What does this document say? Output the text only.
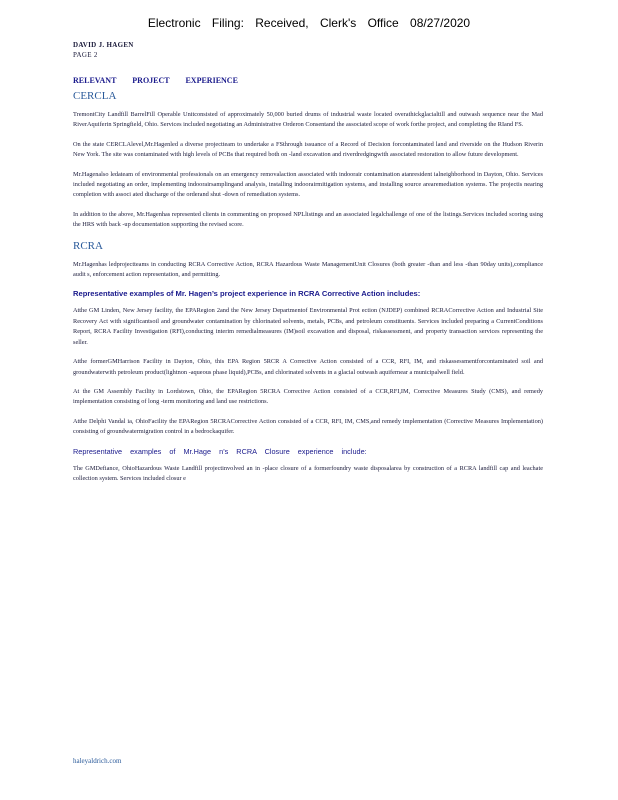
Electronic Filing: Received, Clerk's Office 08/27/2020
DAVID J. HAGEN
PAGE 2
RELEVANT PROJECT EXPERIENCE
CERCLA

TremontCity Landfill BarrelFill Operable Unitconsisted of approximately 50,000 buried drums of industrial waste located overathickglacialtill and outwash sequence near the Mad RiverAquiferin Springfield, Ohio. Services included negotiating an Administrative Orderon Consentand the associated scope of work forthe project, and completing the RIand FS.

On the state CERCLAlevel,Mr.Hagenled a diverse projectteam to undertake a FSthrough issuance of a Record of Decision forcontaminated land and riverside on the Hudson Riverin New York. The site was contaminated with high levels of PCBs that required both on -land excavation and riverdredgingwith associated restoration to allow future development.

Mr.Hagenalso ledateam of environmental professionals on an emergency removalaction associated with indoorair contamination atanresident ialneighborhood in Dayton, Ohio. Services included negotiating an order, implementing indoorairsamplingand analysis, installing indoorairmitigation systems, and installing source arearemediation systems. The projectis nearing completion with associ ated discharge of the orderand shut -down of remediation systems.

In addition to the above, Mr.Hagenhas represented clients in commenting on proposed NPLlistings and an associated legalchallenge of one of the listings.Services included scoring using the HRS with back -up documentation supporting the revised score.

RCRA

Mr.Hagenhas ledprojectteams in conducting RCRA Corrective Action, RCRA Hazardous Waste ManagementUnit Closures (both greater -than and less -than 90day units),compliance audit s, enforcement action representation, and permitting.

Representative examples of Mr. Hagen’s project experience in RCRA Corrective Action includes:

Atthe GM Linden, New Jersey facility, the EPARegion 2and the New Jersey Departmentof Environmental Prot ection (NJDEP) combined RCRACorrective Action and Industrial Site Recovery Act with significantsoil and groundwater contamination by chlorinated solvents, metals, PCBs, and petroleum constituents. Services included preparing a CurrentConditions Report, RCRA Facility Investigation (RFI),conducting interim remedialmeasures (IM)soil excavation and disposal, riskassessment, and property transaction services representing the seller.

Atthe formerGMHarrison Facility in Dayton, Ohio, this EPA Region 5RCR A Corrective Action consisted of a CCR, RFI, IM, and riskassessmentforcontaminated soil and groundwaterwith petroleum product(lightnon -aqueous phase liquid),PCBs, and chlorinated solvents in a glacial outwash aquifernear a municipalwell field.

At the GM Assembly Facility in Lordstown, Ohio, the EPARegion 5RCRA Corrective Action consisted of a CCR,RFI,IM, Corrective Measures Study (CMS), and remedy implementation consisting of long -term monitoring and land use restrictions.

Atthe Delphi Vandal ia, OhioFacility the EPARegion 5RCRACorrective Action consisted of a CCR, RFI, IM, CMS,and remedy implementation (Corrective Measures Implementation) consisting of groundwatermigration control in a bedrockaquifer.

Representative examples of Mr.Hage n’s RCRA Closure experience include:

The GMDefiance, OhioHazardous Waste Landfill projectinvolved an in -place closure of a formerfoundry waste disposalarea by construction of a RCRA landfill cap and leachate collection system. Services included closur e

haleyaldrich.com
